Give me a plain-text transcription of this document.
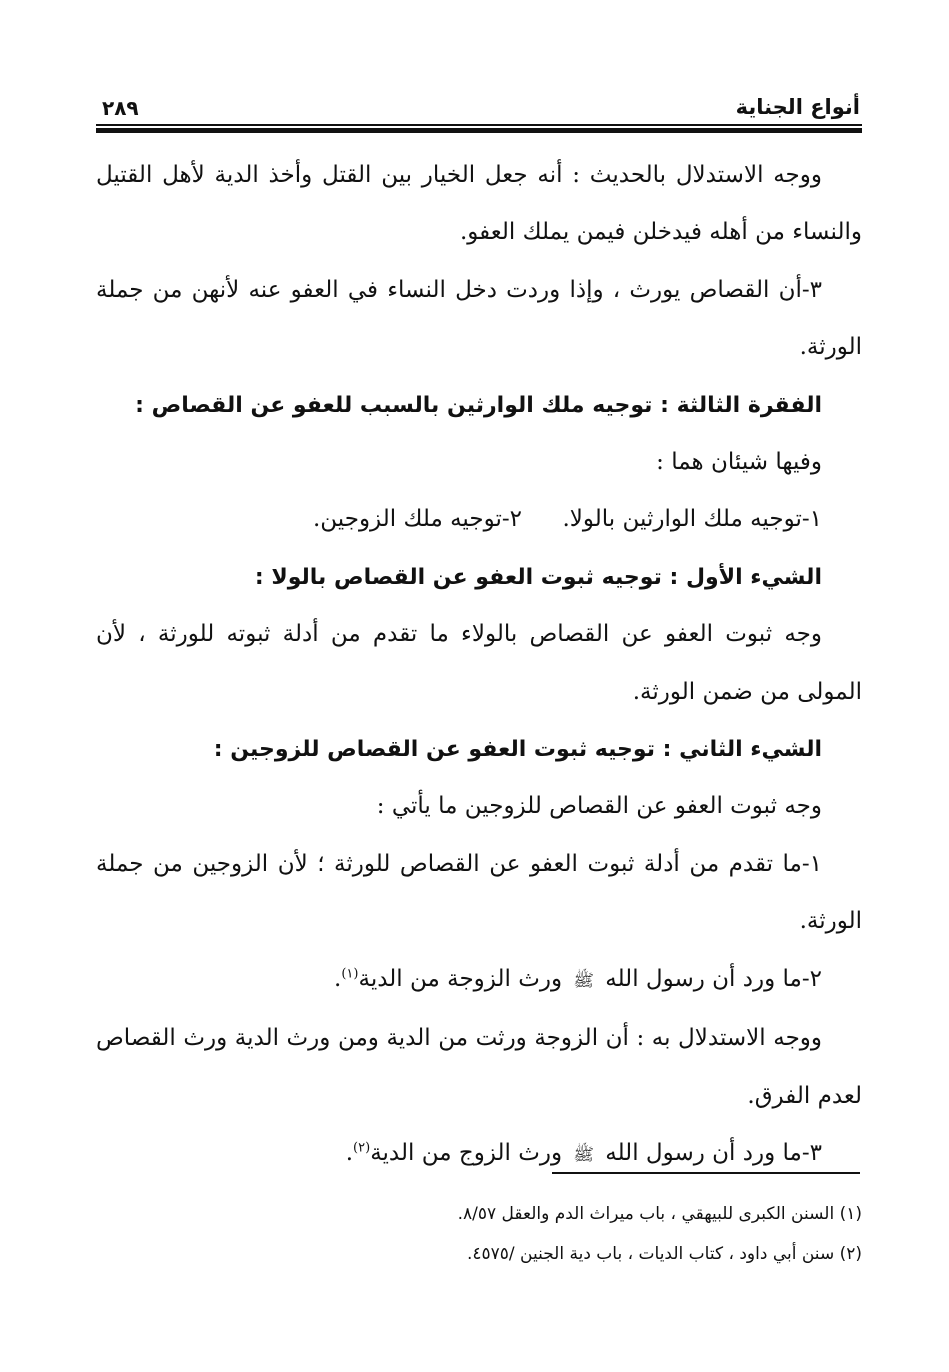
أنواع الجناية
٢٨٩

ووجه الاستدلال بالحديث : أنه جعل الخيار بين القتل وأخذ الدية لأهل القتيل والنساء من أهله فيدخلن فيمن يملك العفو.

٣-أن القصاص يورث ، وإذا وردت دخل النساء في العفو عنه لأنهن من جملة الورثة.

الفقرة الثالثة : توجيه ملك الوارثين بالسبب للعفو عن القصاص :

وفيها شيئان هما :

١-توجيه ملك الوارثين بالولا.
٢-توجيه ملك الزوجين.

الشيء الأول : توجيه ثبوت العفو عن القصاص بالولا :

وجه ثبوت العفو عن القصاص بالولاء ما تقدم من أدلة ثبوته للورثة ، لأن المولى من ضمن الورثة.

الشيء الثاني : توجيه ثبوت العفو عن القصاص للزوجين :

وجه ثبوت العفو عن القصاص للزوجين ما يأتي :

١-ما تقدم من أدلة ثبوت العفو عن القصاص للورثة ؛ لأن الزوجين من جملة الورثة.

٢-ما ورد أن رسول الله ﷺ ورث الزوجة من الدية$^{(١)}$.

ووجه الاستدلال به : أن الزوجة ورثت من الدية ومن ورث الدية ورث القصاص لعدم الفرق.

٣-ما ورد أن رسول الله ﷺ ورث الزوج من الدية$^{(٢)}$.

(١) السنن الكبرى للبيهقي ، باب ميراث الدم والعقل ٨/٥٧.

(٢) سنن أبي داود ، كتاب الديات ، باب دية الجنين /٤٥٧٥.
